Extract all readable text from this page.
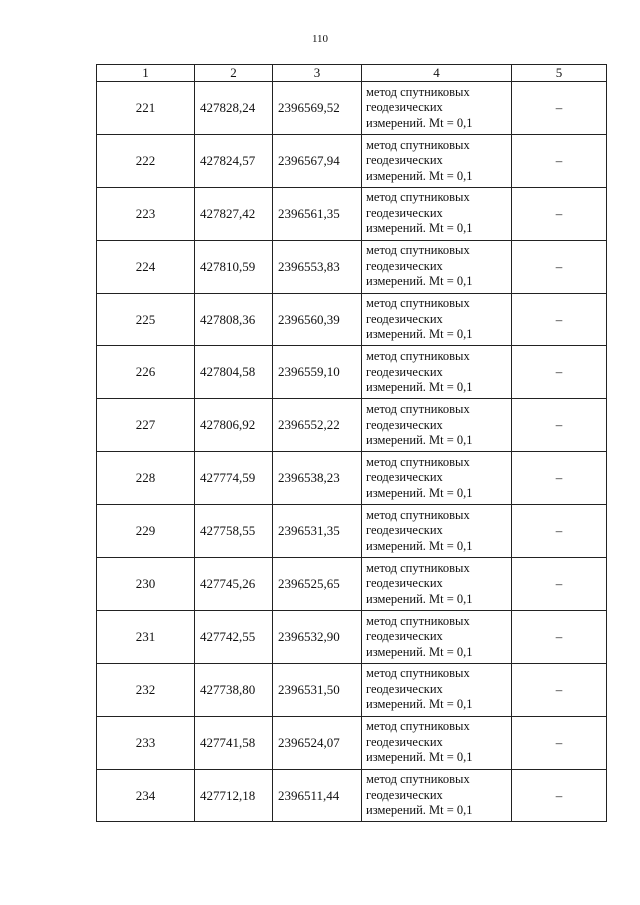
110
1	2	3	4	5
221	427828,24	2396569,52	метод спутниковых
геодезических
измерений. Mt = 0,1	–
222	427824,57	2396567,94	метод спутниковых
геодезических
измерений. Mt = 0,1	–
223	427827,42	2396561,35	метод спутниковых
геодезических
измерений. Mt = 0,1	–
224	427810,59	2396553,83	метод спутниковых
геодезических
измерений. Mt = 0,1	–
225	427808,36	2396560,39	метод спутниковых
геодезических
измерений. Mt = 0,1	–
226	427804,58	2396559,10	метод спутниковых
геодезических
измерений. Mt = 0,1	–
227	427806,92	2396552,22	метод спутниковых
геодезических
измерений. Mt = 0,1	–
228	427774,59	2396538,23	метод спутниковых
геодезических
измерений. Mt = 0,1	–
229	427758,55	2396531,35	метод спутниковых
геодезических
измерений. Mt = 0,1	–
230	427745,26	2396525,65	метод спутниковых
геодезических
измерений. Mt = 0,1	–
231	427742,55	2396532,90	метод спутниковых
геодезических
измерений. Mt = 0,1	–
232	427738,80	2396531,50	метод спутниковых
геодезических
измерений. Mt = 0,1	–
233	427741,58	2396524,07	метод спутниковых
геодезических
измерений. Mt = 0,1	–
234	427712,18	2396511,44	метод спутниковых
геодезических
измерений. Mt = 0,1	–
